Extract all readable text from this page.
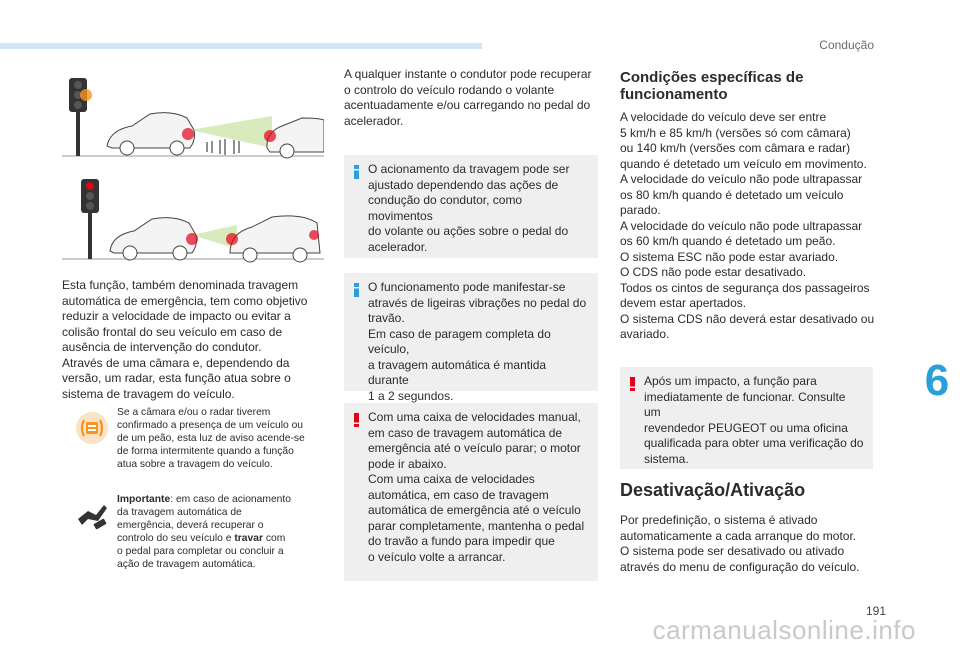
Condução
6

Esta função, também denominada travagem
automática de emergência, tem como objetivo
reduzir a velocidade de impacto ou evitar a
colisão frontal do seu veículo em caso de
ausência de intervenção do condutor.
Através de uma câmara e, dependendo da
versão, um radar, esta função atua sobre o
sistema de travagem do veículo.

Se a câmara e/ou o radar tiverem
confirmado a presença de um veículo ou
de um peão, esta luz de aviso acende-se
de forma intermitente quando a função
atua sobre a travagem do veículo.

Importante: em caso de acionamento
da travagem automática de
emergência, deverá recuperar o
controlo do seu veículo e travar com
o pedal para completar ou concluir a
ação de travagem automática.

A qualquer instante o condutor pode recuperar
o controlo do veículo rodando o volante
acentuadamente e/ou carregando no pedal do
acelerador.

O acionamento da travagem pode ser
ajustado dependendo das ações de
condução do condutor, como movimentos
do volante ou ações sobre o pedal do
acelerador.

O funcionamento pode manifestar-se
através de ligeiras vibrações no pedal do
travão.
Em caso de paragem completa do veículo,
a travagem automática é mantida durante
1 a 2 segundos.

Com uma caixa de velocidades manual,
em caso de travagem automática de
emergência até o veículo parar; o motor
pode ir abaixo.
Com uma caixa de velocidades
automática, em caso de travagem
automática de emergência até o veículo
parar completamente, mantenha o pedal
do travão a fundo para impedir que
o veículo volte a arrancar.

Condições específicas de
funcionamento

A velocidade do veículo deve ser entre
5 km/h e 85 km/h (versões só com câmara)
ou 140 km/h (versões com câmara e radar)
quando é detetado um veículo em movimento.
A velocidade do veículo não pode ultrapassar
os 80 km/h quando é detetado um veículo
parado.
A velocidade do veículo não pode ultrapassar
os 60 km/h quando é detetado um peão.
O sistema ESC não pode estar avariado.
O CDS não pode estar desativado.
Todos os cintos de segurança dos passageiros
devem estar apertados.
O sistema CDS não deverá estar desativado ou
avariado.

Após um impacto, a função para
imediatamente de funcionar. Consulte um
revendedor PEUGEOT ou uma oficina
qualificada para obter uma verificação do
sistema.

Desativação/Ativação

Por predefinição, o sistema é ativado
automaticamente a cada arranque do motor.
O sistema pode ser desativado ou ativado
através do menu de configuração do veículo.

191
carmanualsonline.info
